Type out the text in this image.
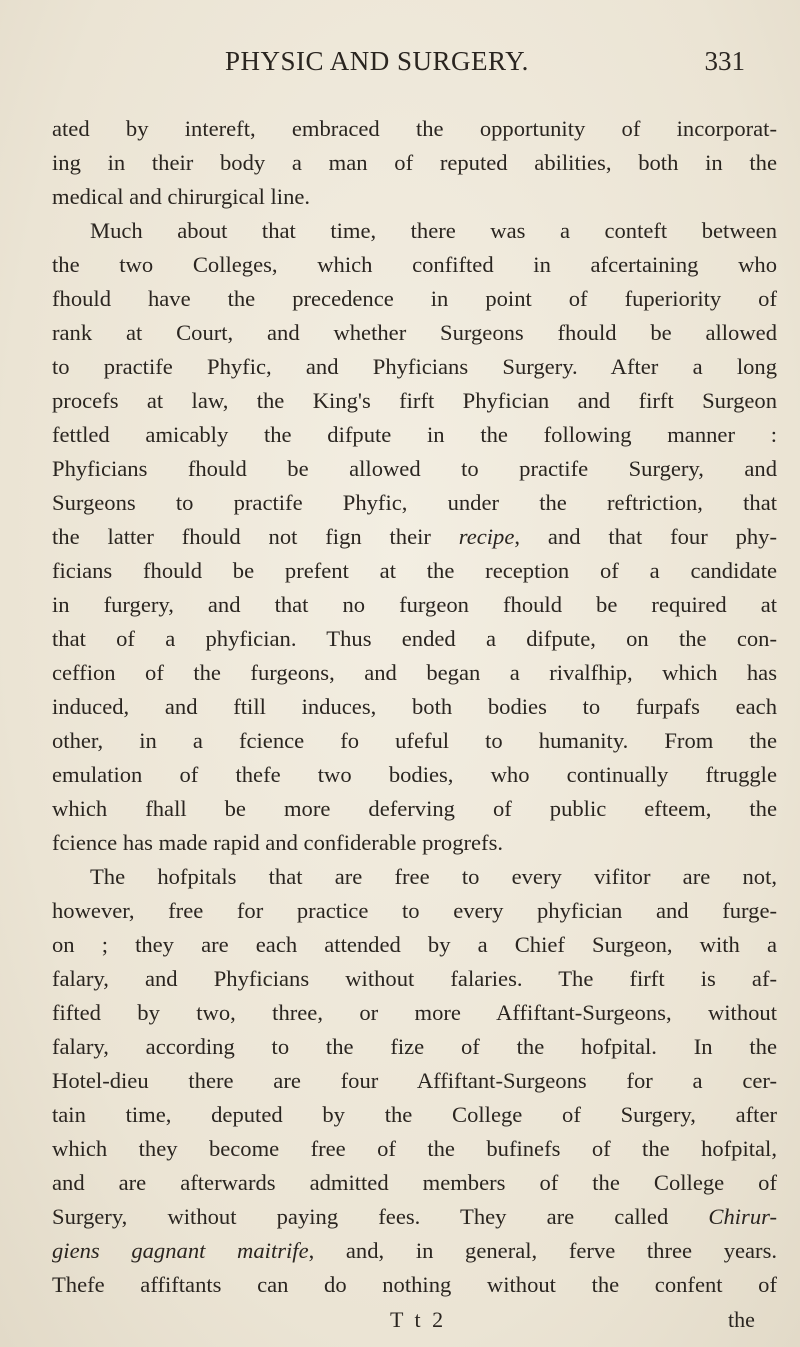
PHYSIC AND SURGERY.	331
ated by intereft, embraced the opportunity of incorporat-
ing in their body a man of reputed abilities, both in the
medical and chirurgical line.
Much about that time, there was a conteft between
the two Colleges, which confifted in afcertaining who
fhould have the precedence in point of fuperiority of
rank at Court, and whether Surgeons fhould be allowed
to practife Phyfic, and Phyficians Surgery. After a long
procefs at law, the King's firft Phyfician and firft Surgeon
fettled amicably the difpute in the following manner :
Phyficians fhould be allowed to practife Surgery, and
Surgeons to practife Phyfic, under the reftriction, that
the latter fhould not fign their recipe, and that four phy-
ficians fhould be prefent at the reception of a candidate
in furgery, and that no furgeon fhould be required at
that of a phyfician. Thus ended a difpute, on the con-
ceffion of the furgeons, and began a rivalfhip, which has
induced, and ftill induces, both bodies to furpafs each
other, in a fcience fo ufeful to humanity. From the
emulation of thefe two bodies, who continually ftruggle
which fhall be more deferving of public efteem, the
fcience has made rapid and confiderable progrefs.
The hofpitals that are free to every vifitor are not,
however, free for practice to every phyfician and furge-
on ; they are each attended by a Chief Surgeon, with a
falary, and Phyficians without falaries. The firft is af-
fifted by two, three, or more Affiftant-Surgeons, without
falary, according to the fize of the hofpital. In the
Hotel-dieu there are four Affiftant-Surgeons for a cer-
tain time, deputed by the College of Surgery, after
which they become free of the bufinefs of the hofpital,
and are afterwards admitted members of the College of
Surgery, without paying fees. They are called Chirur-
giens gagnant maitrife, and, in general, ferve three years.
Thefe affiftants can do nothing without the confent of
T t 2	the
